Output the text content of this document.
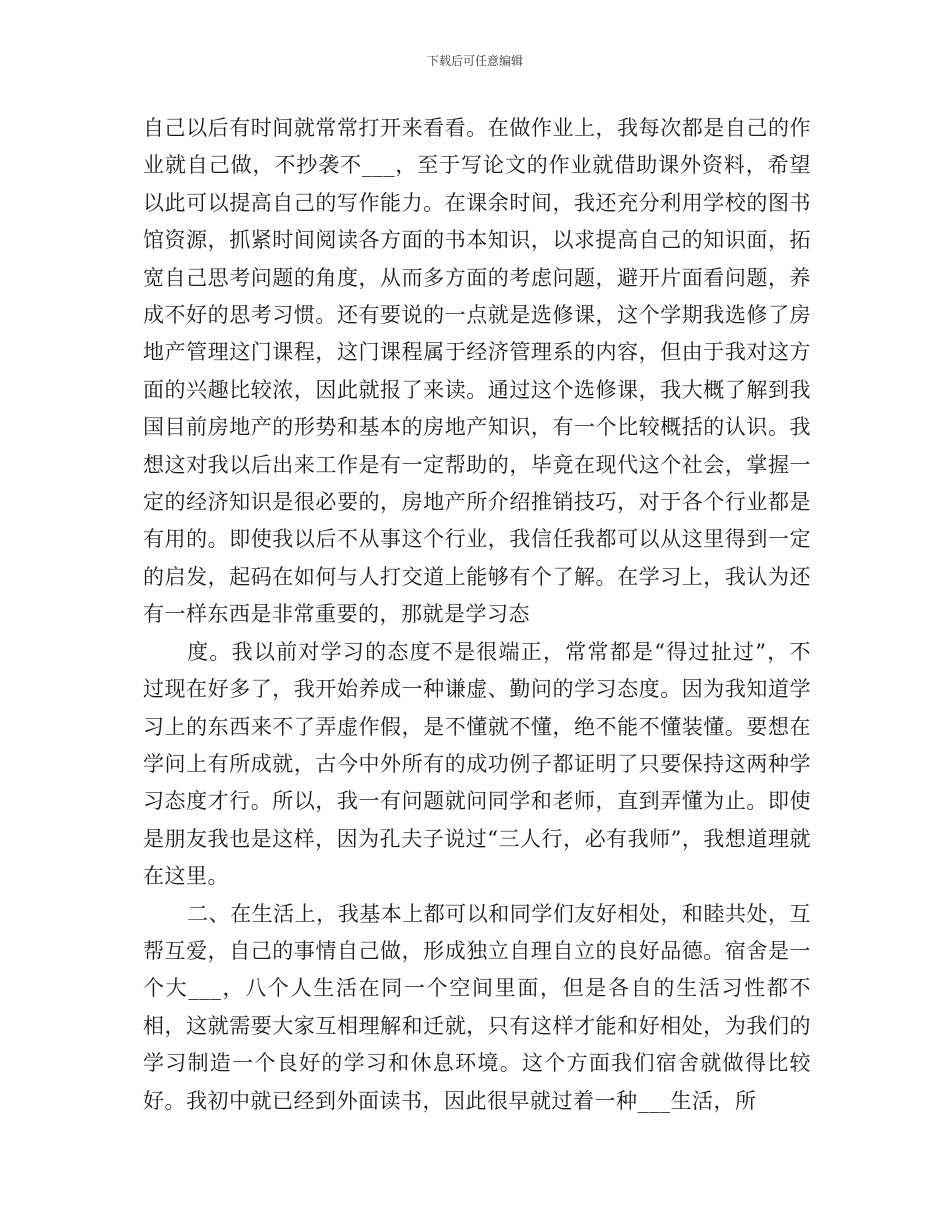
下载后可任意编辑

自己以后有时间就常常打开来看看。在做作业上，我每次都是自己的作业就自己做，不抄袭不___，至于写论文的作业就借助课外资料，希望以此可以提高自己的写作能力。在课余时间，我还充分利用学校的图书馆资源，抓紧时间阅读各方面的书本知识，以求提高自己的知识面，拓宽自己思考问题的角度，从而多方面的考虑问题，避开片面看问题，养成不好的思考习惯。还有要说的一点就是选修课，这个学期我选修了房地产管理这门课程，这门课程属于经济管理系的内容，但由于我对这方面的兴趣比较浓，因此就报了来读。通过这个选修课，我大概了解到我国目前房地产的形势和基本的房地产知识，有一个比较概括的认识。我想这对我以后出来工作是有一定帮助的，毕竟在现代这个社会，掌握一定的经济知识是很必要的，房地产所介绍推销技巧，对于各个行业都是有用的。即使我以后不从事这个行业，我信任我都可以从这里得到一定的启发，起码在如何与人打交道上能够有个了解。在学习上，我认为还有一样东西是非常重要的，那就是学习态

度。我以前对学习的态度不是很端正，常常都是“得过扯过”，不过现在好多了，我开始养成一种谦虚、勤问的学习态度。因为我知道学习上的东西来不了弄虚作假，是不懂就不懂，绝不能不懂装懂。要想在学问上有所成就，古今中外所有的成功例子都证明了只要保持这两种学习态度才行。所以，我一有问题就问同学和老师，直到弄懂为止。即使是朋友我也是这样，因为孔夫子说过“三人行，必有我师”，我想道理就在这里。

二、在生活上，我基本上都可以和同学们友好相处，和睦共处，互帮互爱，自己的事情自己做，形成独立自理自立的良好品德。宿舍是一个大___，八个人生活在同一个空间里面，但是各自的生活习性都不相，这就需要大家互相理解和迁就，只有这样才能和好相处，为我们的学习制造一个良好的学习和休息环境。这个方面我们宿舍就做得比较好。我初中就已经到外面读书，因此很早就过着一种___生活，所
